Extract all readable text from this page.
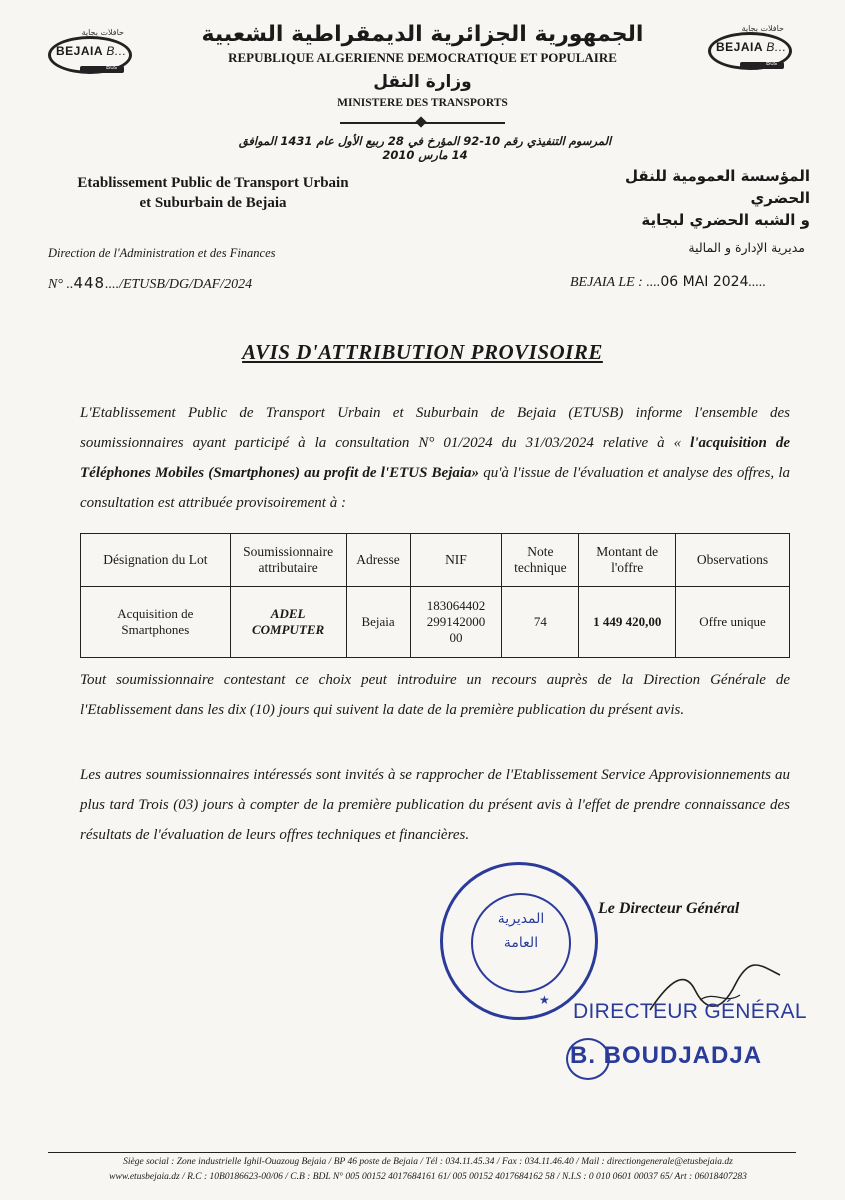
حافلات بجاية
BEJAIA B...
Bus
حافلات بجاية
BEJAIA B...
Bus
الجمهورية الجزائرية الديمقراطية الشعبية
REPUBLIQUE ALGERIENNE DEMOCRATIQUE ET POPULAIRE
وزارة النقل
MINISTERE DES TRANSPORTS
المرسوم التنفيذي رقم 10-92 المؤرخ في 28 ربيع الأول عام 1431 الموافق 14 مارس 2010
Etablissement Public de Transport Urbain
et Suburbain de Bejaia
المؤسسة العمومية للنقل الحضري
و الشبه الحضري لبجاية
Direction de l'Administration et des Finances	مديرية الإدارة و المالية
N° ..448..../ETUSB/DG/DAF/2024	BEJAIA LE : ....06 MAI 2024.....
AVIS D'ATTRIBUTION PROVISOIRE
L'Etablissement Public de Transport Urbain et Suburbain de Bejaia (ETUSB) informe l'ensemble des soumissionnaires ayant participé à la consultation N° 01/2024 du 31/03/2024 relative à « l'acquisition de Téléphones Mobiles (Smartphones) au profit de l'ETUS Bejaia» qu'à l'issue de l'évaluation et analyse des offres, la consultation est attribuée provisoirement à :
Désignation du Lot	Soumissionnaire attributaire	Adresse	NIF	Note technique	Montant de l'offre	Observations
Acquisition de Smartphones	ADEL COMPUTER	Bejaia	183064402
299142000
00	74	1 449 420,00	Offre unique
Tout soumissionnaire contestant ce choix peut introduire un recours auprès de la Direction Générale de l'Etablissement dans les dix (10) jours qui suivent la date de la première publication du présent avis.
Les autres soumissionnaires intéressés sont invités à se rapprocher de l'Etablissement Service Approvisionnements au plus tard Trois (03) jours à compter de la première publication du présent avis à l'effet de prendre connaissance des résultats de l'évaluation de leurs offres techniques et financières.
المديرية
العامة
★
Le Directeur Général
DIRECTEUR GÉNÉRAL
B. BOUDJADJA
Siège social : Zone industrielle Ighil-Ouazoug Bejaia / BP 46 poste de Bejaia / Tél : 034.11.45.34 / Fax : 034.11.46.40 / Mail : directiongenerale@etusbejaia.dz
www.etusbejaia.dz / R.C : 10B0186623-00/06 / C.B : BDL N° 005 00152 4017684161 61/ 005 00152 4017684162 58 / N.I.S : 0 010 0601 00037 65/ Art : 06018407283
